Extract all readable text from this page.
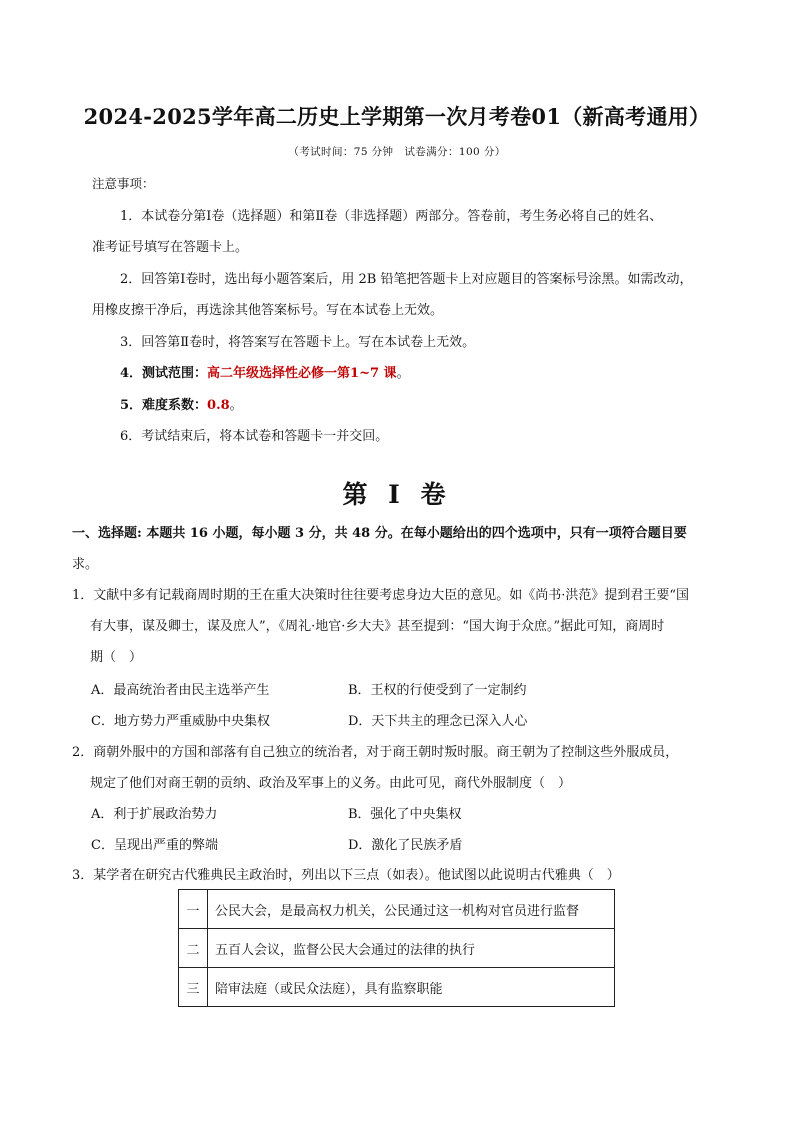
2024-2025学年高二历史上学期第一次月考卷01（新高考通用）
（考试时间：75 分钟　试卷满分：100 分）
注意事项：
1．本试卷分第Ⅰ卷（选择题）和第Ⅱ卷（非选择题）两部分。答卷前，考生务必将自己的姓名、
准考证号填写在答题卡上。
2．回答第Ⅰ卷时，选出每小题答案后，用 2B 铅笔把答题卡上对应题目的答案标号涂黑。如需改动，
用橡皮擦干净后，再选涂其他答案标号。写在本试卷上无效。
3．回答第Ⅱ卷时，将答案写在答题卡上。写在本试卷上无效。
4．测试范围：高二年级选择性必修一第1~7 课。
5．难度系数：0.8。
6．考试结束后，将本试卷和答题卡一并交回。
第 I 卷
一、选择题: 本题共 16 小题，每小题 3 分，共 48 分。在每小题给出的四个选项中，只有一项符合题目要
求。
1．文献中多有记载商周时期的王在重大决策时往往要考虑身边大臣的意见。如《尚书·洪范》提到君王要“国
有大事，谋及卿士，谋及庶人”，《周礼·地官·乡大夫》甚至提到：“国大询于众庶。”据此可知，商周时
期（　）
A．最高统治者由民主选举产生	B．王权的行使受到了一定制约
C．地方势力严重威胁中央集权	D．天下共主的理念已深入人心
2．商朝外服中的方国和部落有自己独立的统治者，对于商王朝时叛时服。商王朝为了控制这些外服成员，
规定了他们对商王朝的贡纳、政治及军事上的义务。由此可见，商代外服制度（　）
A．利于扩展政治势力	B．强化了中央集权
C．呈现出严重的弊端	D．激化了民族矛盾
3．某学者在研究古代雅典民主政治时，列出以下三点（如表）。他试图以此说明古代雅典（　）
一	公民大会，是最高权力机关，公民通过这一机构对官员进行监督
二	五百人会议，监督公民大会通过的法律的执行
三	陪审法庭（或民众法庭），具有监察职能
